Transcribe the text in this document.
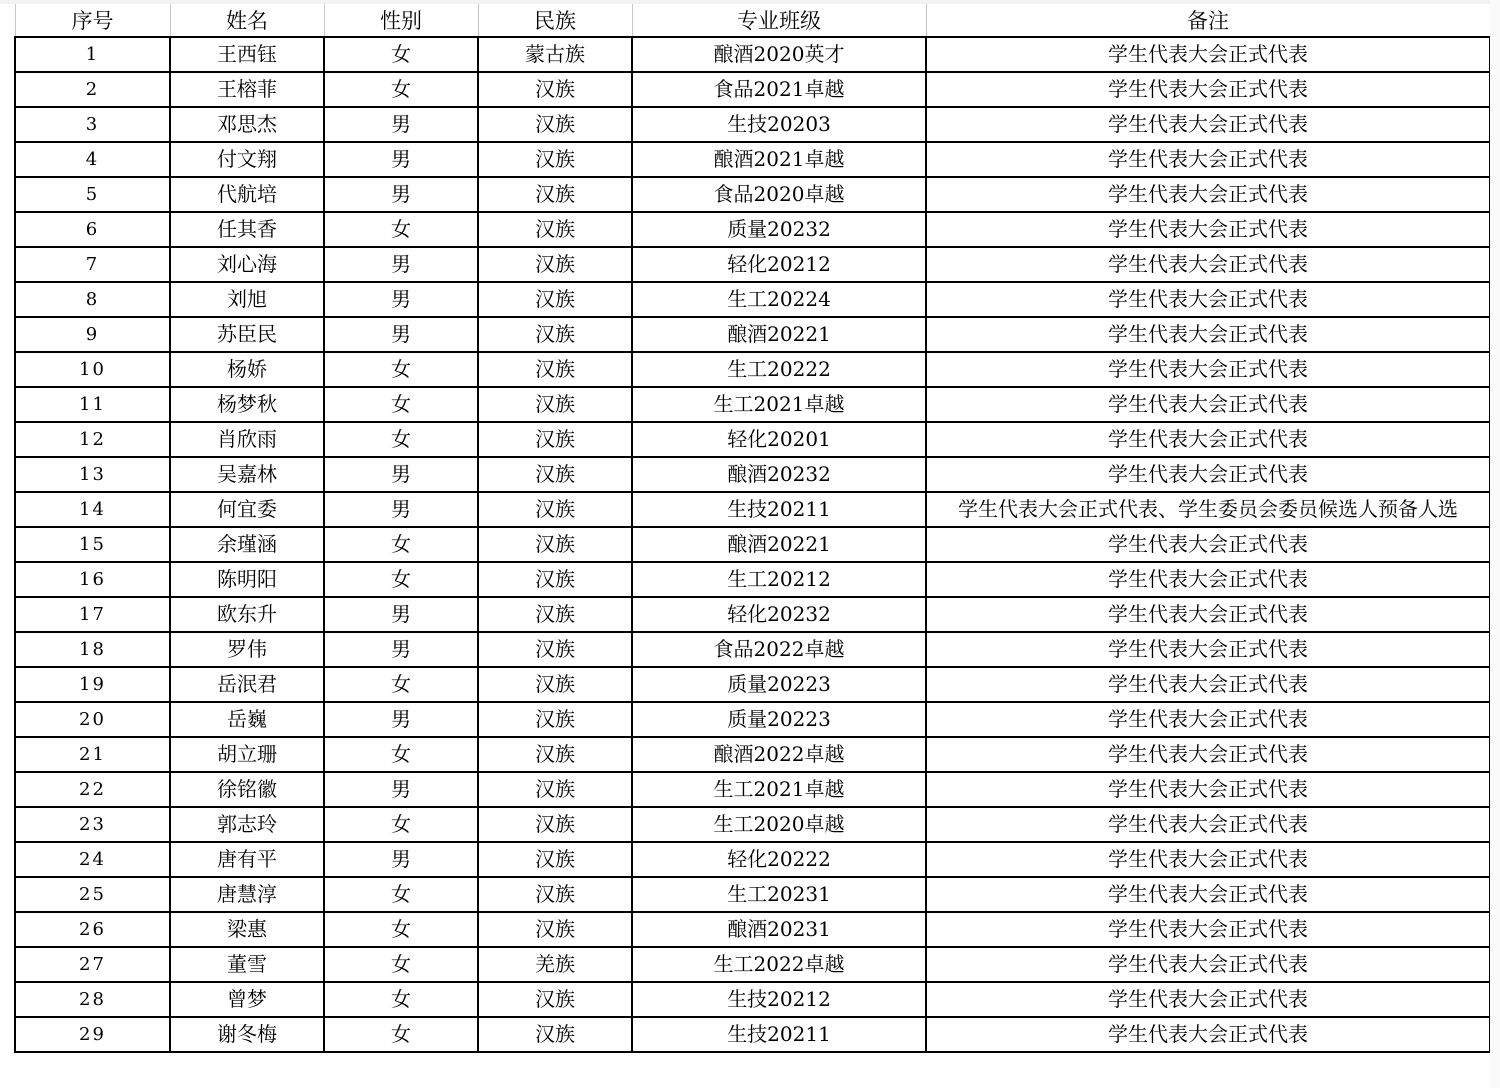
序号	姓名	性别	民族	专业班级	备注
1	王西钰	女	蒙古族	酿酒2020英才	学生代表大会正式代表
2	王榕菲	女	汉族	食品2021卓越	学生代表大会正式代表
3	邓思杰	男	汉族	生技20203	学生代表大会正式代表
4	付文翔	男	汉族	酿酒2021卓越	学生代表大会正式代表
5	代航培	男	汉族	食品2020卓越	学生代表大会正式代表
6	任其香	女	汉族	质量20232	学生代表大会正式代表
7	刘心海	男	汉族	轻化20212	学生代表大会正式代表
8	刘旭	男	汉族	生工20224	学生代表大会正式代表
9	苏臣民	男	汉族	酿酒20221	学生代表大会正式代表
10	杨娇	女	汉族	生工20222	学生代表大会正式代表
11	杨梦秋	女	汉族	生工2021卓越	学生代表大会正式代表
12	肖欣雨	女	汉族	轻化20201	学生代表大会正式代表
13	吴嘉林	男	汉族	酿酒20232	学生代表大会正式代表
14	何宜委	男	汉族	生技20211	学生代表大会正式代表、学生委员会委员候选人预备人选
15	余瑾涵	女	汉族	酿酒20221	学生代表大会正式代表
16	陈明阳	女	汉族	生工20212	学生代表大会正式代表
17	欧东升	男	汉族	轻化20232	学生代表大会正式代表
18	罗伟	男	汉族	食品2022卓越	学生代表大会正式代表
19	岳泯君	女	汉族	质量20223	学生代表大会正式代表
20	岳巍	男	汉族	质量20223	学生代表大会正式代表
21	胡立珊	女	汉族	酿酒2022卓越	学生代表大会正式代表
22	徐铭徽	男	汉族	生工2021卓越	学生代表大会正式代表
23	郭志玲	女	汉族	生工2020卓越	学生代表大会正式代表
24	唐有平	男	汉族	轻化20222	学生代表大会正式代表
25	唐慧淳	女	汉族	生工20231	学生代表大会正式代表
26	梁惠	女	汉族	酿酒20231	学生代表大会正式代表
27	董雪	女	羌族	生工2022卓越	学生代表大会正式代表
28	曾梦	女	汉族	生技20212	学生代表大会正式代表
29	谢冬梅	女	汉族	生技20211	学生代表大会正式代表
